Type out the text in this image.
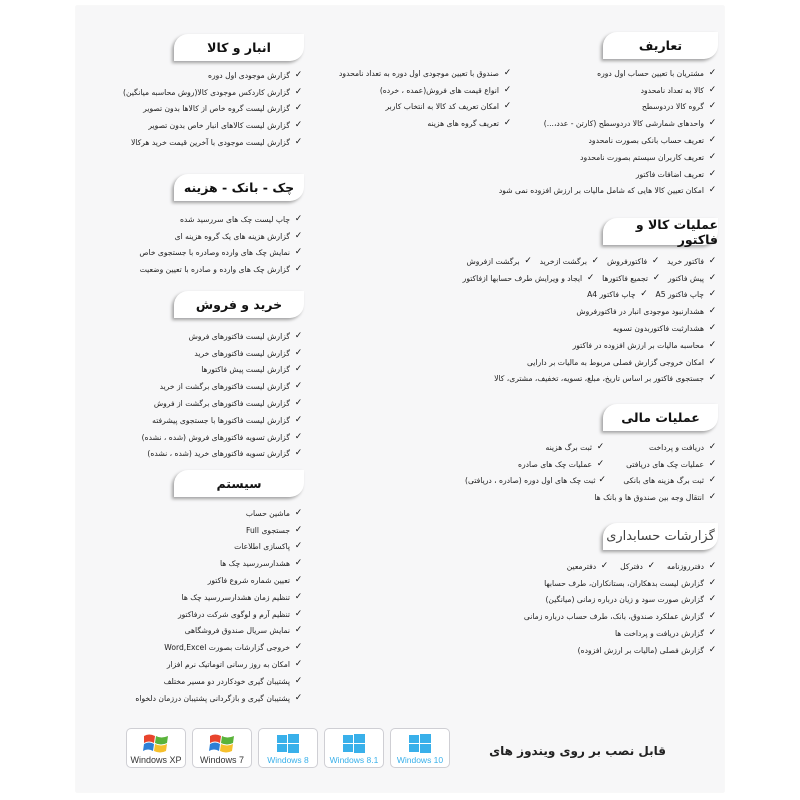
تعاریف
✓
مشتریان با تعیین حساب اول دوره
✓
کالا به تعداد نامحدود
✓
گروه کالا دردوسطح
✓
واحدهای شمارشی کالا دردوسطح (کارتن - عدد،...)
✓
تعریف حساب بانکی بصورت نامحدود
✓
تعریف کاربران سیستم بصورت نامحدود
✓
تعریف اضافات فاکتور
✓
صندوق با تعیین موجودی اول دوره به تعداد نامحدود
✓
انواع قیمت های فروش(عمده ، خرده)
✓
امکان تعریف کد کالا به انتخاب کاربر
✓
تعریف گروه های هزینه
✓
امکان تعیین کالا هایی که شامل مالیات بر ارزش افزوده نمی شود
عملیات کالا و فاکتور
✓
فاکتور خرید
✓
فاکتورفروش
✓
برگشت ازخرید
✓
برگشت ازفروش
✓
پیش فاکتور
✓
تجمیع فاکتورها
✓
ایجاد و ویرایش طرف حسابها ازفاکتور
✓
چاپ فاکتور A5
✓
چاپ فاکتور A4
✓
هشدارنبود موجودی انبار در فاکتورفروش
✓
هشدارثبت فاکتوربدون تسویه
✓
محاسبه مالیات بر ارزش افزوده در فاکتور
✓
امکان خروجی گزارش فصلی مربوط به مالیات بر دارایی
✓
جستجوی فاکتور بر اساس تاریخ، مبلغ، تسویه، تخفیف، مشتری، کالا
عملیات مالی
✓
دریافت و پرداخت
✓
عملیات چک های دریافتی
✓
ثبت برگ هزینه های بانکی
✓
ثبت برگ هزینه
✓
عملیات چک های صادره
✓
ثبت چک های اول دوره (صادره ، دریافتی)
✓
انتقال وجه بین صندوق ها و بانک ها
گزارشات حسابداری
✓
دفترروزنامه
✓
دفترکل
✓
دفترمعین
✓
گزارش لیست بدهکاران، بستانکاران، طرف حسابها
✓
گزارش صورت سود و زیان درباره زمانی (میانگین)
✓
گزارش عملکرد صندوق، بانک، طرف حساب درباره زمانی
✓
گزارش دریافت و پرداخت ها
✓
گزارش فصلی (مالیات بر ارزش افزوده)
انبار و کالا
✓
گزارش موجودی اول دوره
✓
گزارش کاردکس موجودی کالا(روش محاسبه میانگین)
✓
گزارش لیست گروه خاص از کالاها بدون تصویر
✓
گزارش لیست کالاهای انبار خاص بدون تصویر
✓
گزارش لیست موجودی با آخرین قیمت خرید هرکالا
چک - بانک - هزینه
✓
چاپ لیست چک های سررسید شده
✓
گزارش هزینه های یک گروه هزینه ای
✓
نمایش چک های وارده وصادره با جستجوی خاص
✓
گزارش چک های وارده و صادره با تعیین وضعیت
خرید و فروش
✓
گزارش لیست فاکتورهای فروش
✓
گزارش لیست فاکتورهای خرید
✓
گزارش لیست پیش فاکتورها
✓
گزارش لیست فاکتورهای برگشت از خرید
✓
گزارش لیست فاکتورهای برگشت از فروش
✓
گزارش لیست فاکتورها با جستجوی پیشرفته
✓
گزارش تسویه فاکتورهای فروش (شده ، نشده)
✓
گزارش تسویه فاکتورهای خرید (شده ، نشده)
سیستم
✓
ماشین حساب
✓
جستجوی Full
✓
پاکسازی اطلاعات
✓
هشدارسررسید چک ها
✓
تعیین شماره شروع فاکتور
✓
تنظیم زمان هشدارسررسید چک ها
✓
تنظیم آرم و لوگوی شرکت درفاکتور
✓
نمایش سریال صندوق فروشگاهی
✓
خروجی گزارشات بصورت Word,Excel
✓
امکان به روز رسانی اتوماتیک نرم افزار
✓
پشتیبان گیری خودکاردر دو مسیر مختلف
✓
پشتیبان گیری و بازگردانی پشتیبان درزمان دلخواه
Windows XP Windows 7	Windows 8 Windows 8.1 Windows 10
قابل نصب بر روی ویندوز های
